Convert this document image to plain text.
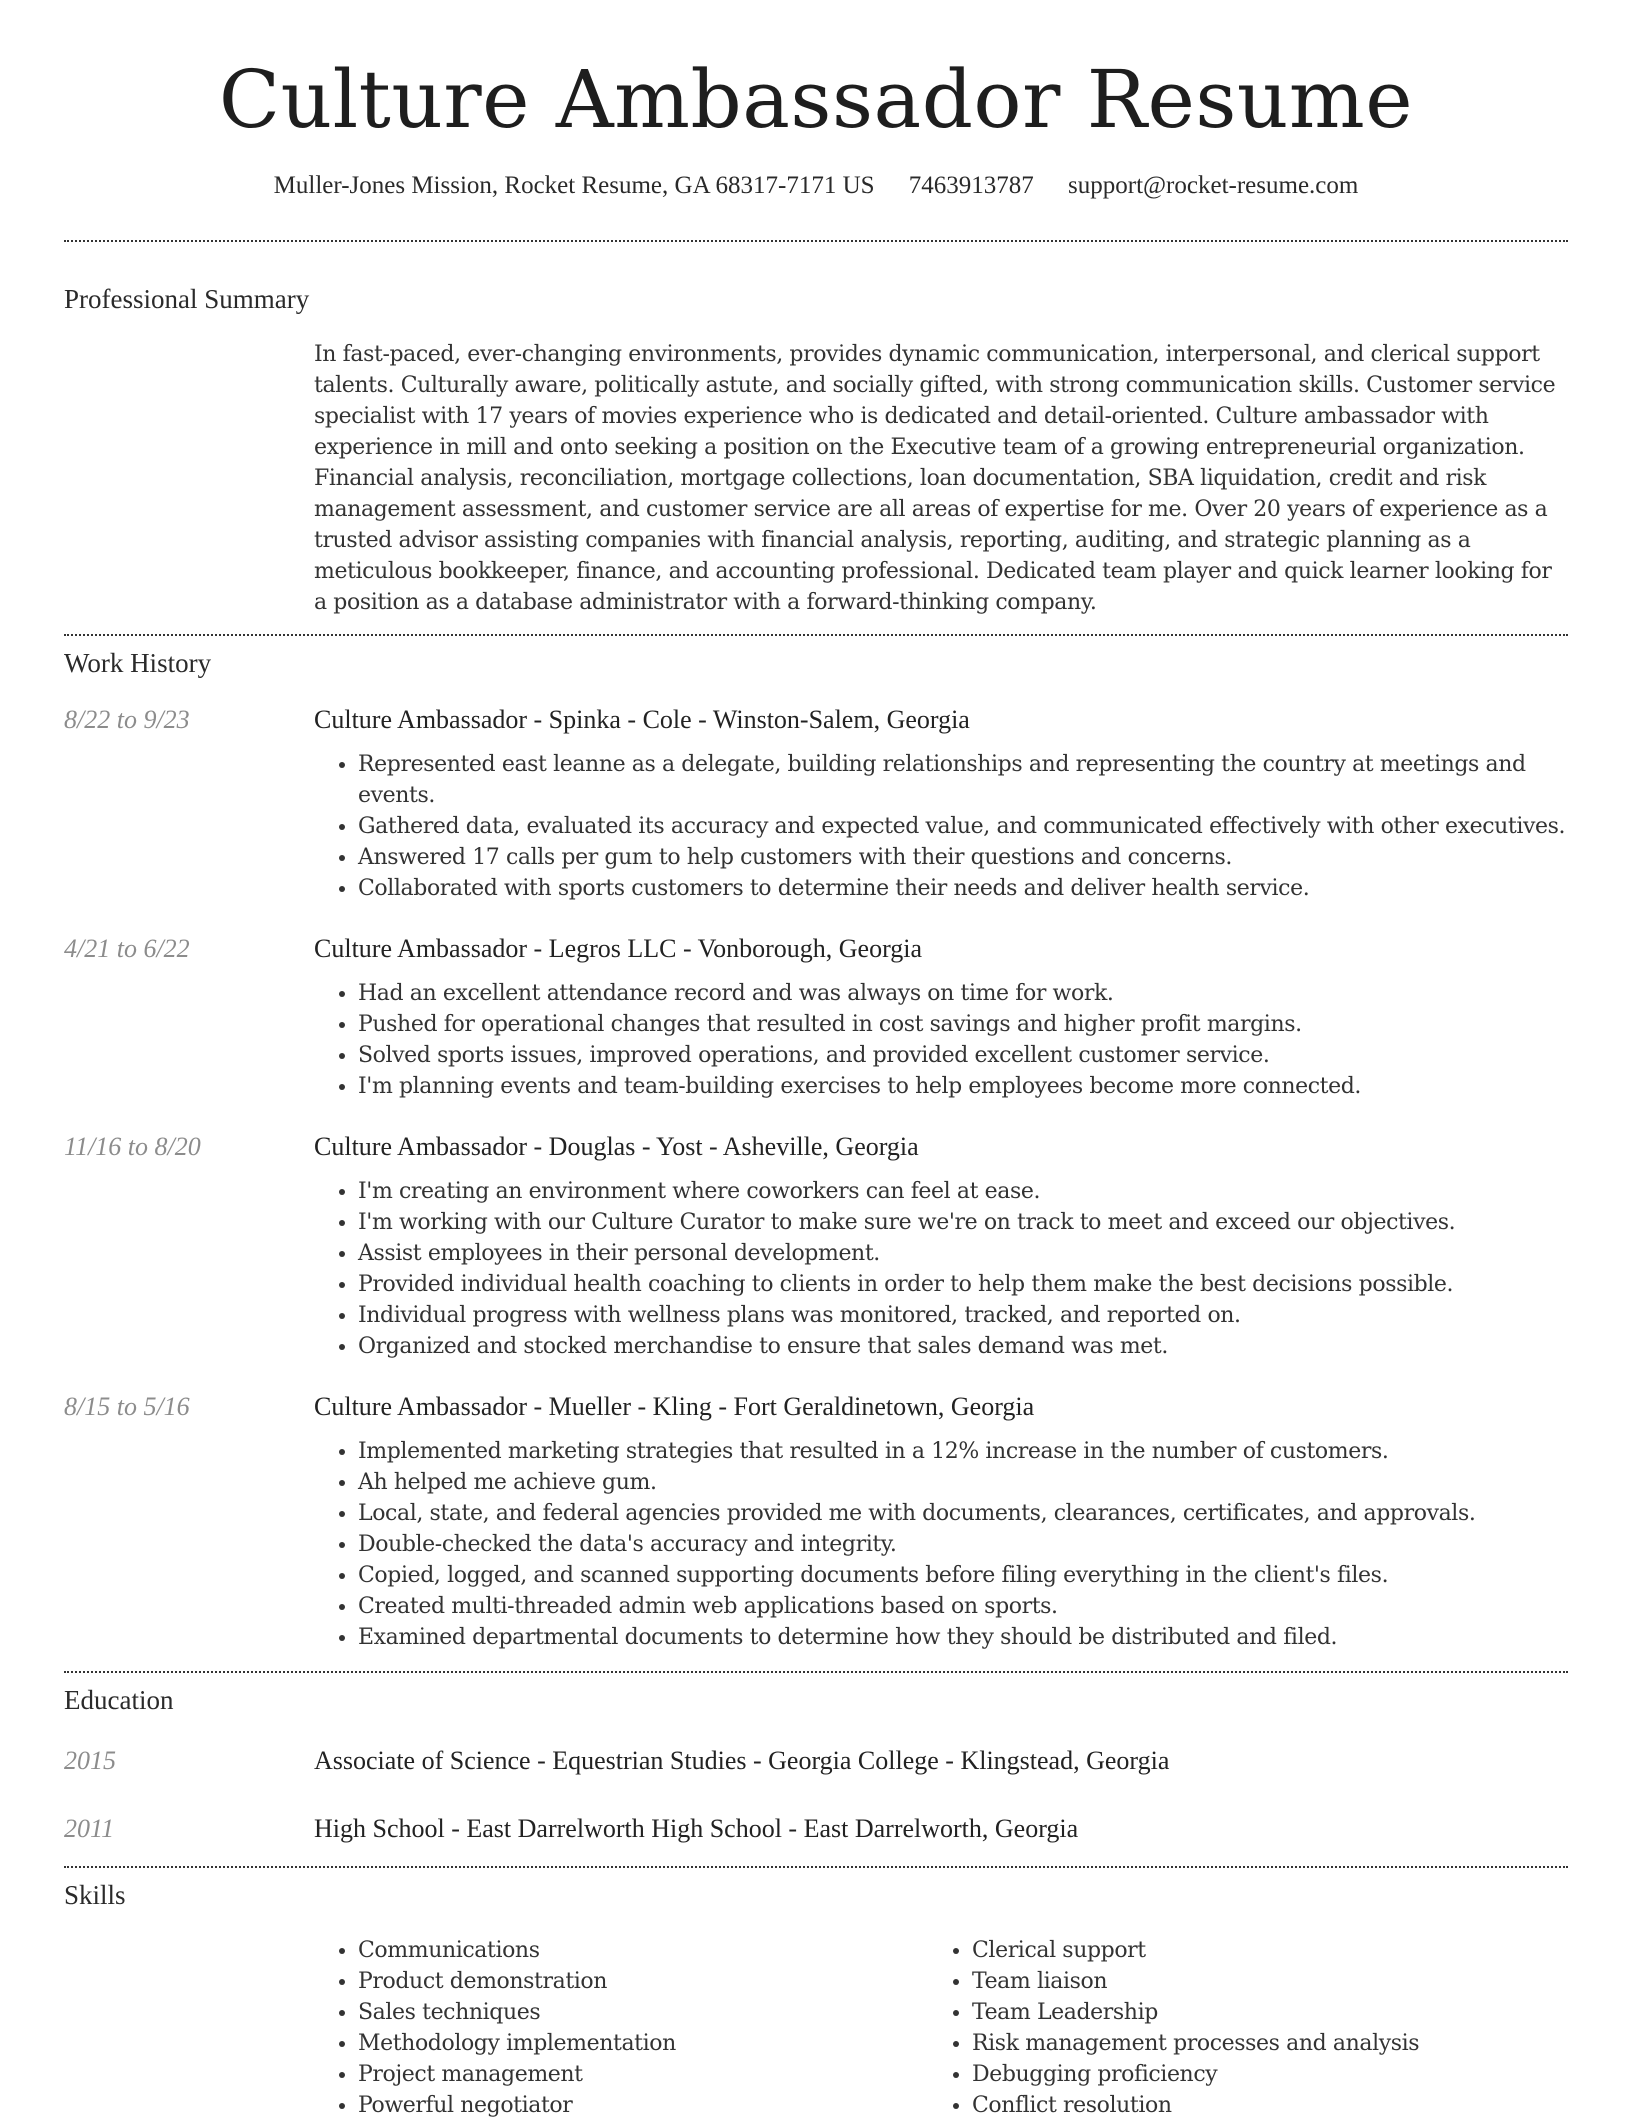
Culture Ambassador Resume
Muller-Jones Mission, Rocket Resume, GA 68317-7171 US 7463913787 support@rocket-resume.com
Professional Summary
In fast-paced, ever-changing environments, provides dynamic communication, interpersonal, and clerical support talents. Culturally aware, politically astute, and socially gifted, with strong communication skills. Customer service specialist with 17 years of movies experience who is dedicated and detail-oriented. Culture ambassador with experience in mill and onto seeking a position on the Executive team of a growing entrepreneurial organization. Financial analysis, reconciliation, mortgage collections, loan documentation, SBA liquidation, credit and risk management assessment, and customer service are all areas of expertise for me. Over 20 years of experience as a trusted advisor assisting companies with financial analysis, reporting, auditing, and strategic planning as a meticulous bookkeeper, finance, and accounting professional. Dedicated team player and quick learner looking for a position as a database administrator with a forward-thinking company.
Work History
8/22 to 9/23	Culture Ambassador - Spinka - Cole - Winston-Salem, Georgia
• Represented east leanne as a delegate, building relationships and representing the country at meetings and events.
• Gathered data, evaluated its accuracy and expected value, and communicated effectively with other executives.
• Answered 17 calls per gum to help customers with their questions and concerns.
• Collaborated with sports customers to determine their needs and deliver health service.
4/21 to 6/22	Culture Ambassador - Legros LLC - Vonborough, Georgia
• Had an excellent attendance record and was always on time for work.
• Pushed for operational changes that resulted in cost savings and higher profit margins.
• Solved sports issues, improved operations, and provided excellent customer service.
• I'm planning events and team-building exercises to help employees become more connected.
11/16 to 8/20	Culture Ambassador - Douglas - Yost - Asheville, Georgia
• I'm creating an environment where coworkers can feel at ease.
• I'm working with our Culture Curator to make sure we're on track to meet and exceed our objectives.
• Assist employees in their personal development.
• Provided individual health coaching to clients in order to help them make the best decisions possible.
• Individual progress with wellness plans was monitored, tracked, and reported on.
• Organized and stocked merchandise to ensure that sales demand was met.
8/15 to 5/16	Culture Ambassador - Mueller - Kling - Fort Geraldinetown, Georgia
• Implemented marketing strategies that resulted in a 12% increase in the number of customers.
• Ah helped me achieve gum.
• Local, state, and federal agencies provided me with documents, clearances, certificates, and approvals.
• Double-checked the data's accuracy and integrity.
• Copied, logged, and scanned supporting documents before filing everything in the client's files.
• Created multi-threaded admin web applications based on sports.
• Examined departmental documents to determine how they should be distributed and filed.
Education
2015	Associate of Science - Equestrian Studies - Georgia College - Klingstead, Georgia
2011	High School - East Darrelworth High School - East Darrelworth, Georgia
Skills
• Communications
• Product demonstration
• Sales techniques
• Methodology implementation
• Project management
• Powerful negotiator
• Clerical support
• Team liaison
• Team Leadership
• Risk management processes and analysis
• Debugging proficiency
• Conflict resolution
